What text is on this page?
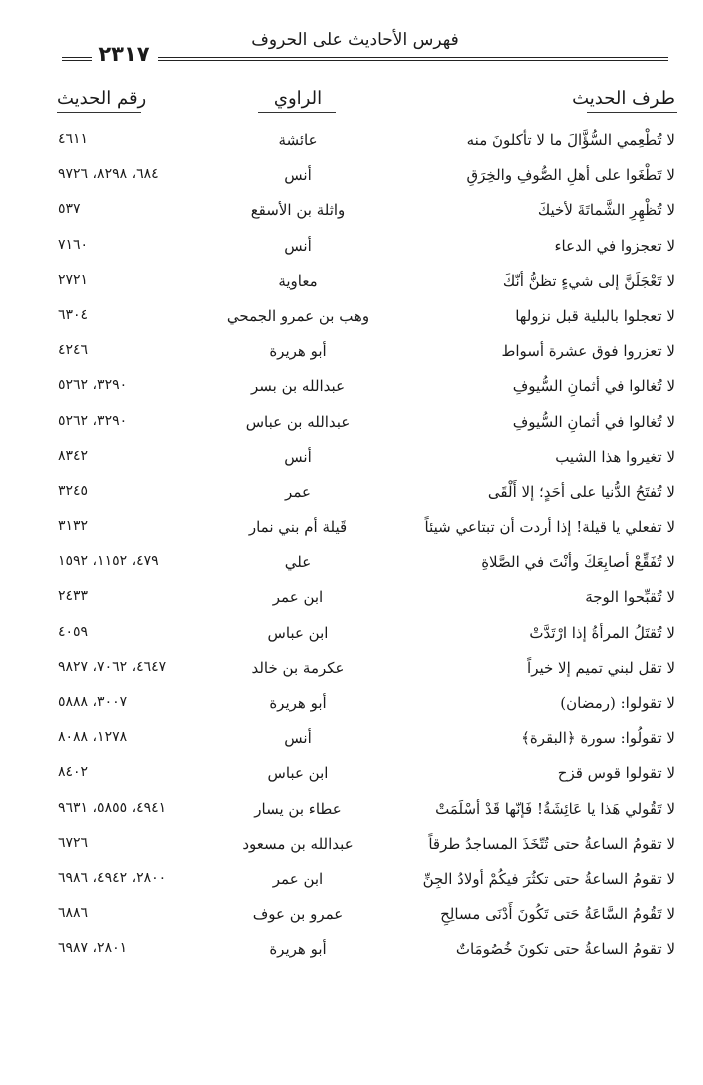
فهرس الأحاديث على الحروف
٢٣١٧
طرف الحديث
الراوي
رقم الحديث
لا تُطْعِمي السُّؤَّالَ ما لا تأكلونَ منه
عائشة
٤٦١١
لا تَطْغَوا على أهلِ الصُّوفِ والخِرَقِ
أنس
٦٨٤، ٨٢٩٨، ٩٧٢٦
لا تُظْهِرِ الشَّماتَةَ لأخيكَ
واثلة بن الأسقع
٥٣٧
لا تعجزوا في الدعاء
أنس
٧١٦٠
لا تَعْجَلَنَّ إلى شيءٍ تظنُّ أنّكَ
معاوية
٢٧٢١
لا تعجلوا بالبلية قبل نزولها
وهب بن عمرو الجمحي
٦٣٠٤
لا تعزروا فوق عشرة أسواط
أبو هريرة
٤٢٤٦
لا تُغالوا في أثمانِ السُّيوفِ
عبدالله بن بسر
٣٢٩٠، ٥٢٦٢
لا تُغالوا في أثمانِ السُّيوفِ
عبدالله بن عباس
٣٢٩٠، ٥٢٦٢
لا تغيروا هذا الشيب
أنس
٨٣٤٢
لا تُفتَحُ الدُّنيا على أحَدٍ؛ إلا أَلْقَى
عمر
٣٢٤٥
لا تفعلي يا قيلة! إذا أردت أن تبتاعي شيئاً
قَيلة أم بني نمار
٣١٣٢
لا تُفَقِّعْ أصابِعَكَ وأنْتَ في الصَّلاةِ
علي
٤٧٩، ١١٥٢، ١٥٩٢
لا تُقبِّحوا الوجهَ
ابن عمر
٢٤٣٣
لا تُقتَلُ المرأةُ إذا ارْتَدَّتْ
ابن عباس
٤٠٥٩
لا تقل لبني تميم إلا خيراً
عكرمة بن خالد
٤٦٤٧، ٧٠٦٢، ٩٨٢٧
لا تقولوا: (رمضان)
أبو هريرة
٣٠٠٧، ٥٨٨٨
لا تقولُوا: سورة ﴿البقرة﴾
أنس
١٢٧٨، ٨٠٨٨
لا تقولوا قوس قزح
ابن عباس
٨٤٠٢
لا تَقُولي هَذا يا عَائِشَةُ! فَإنّها قَدْ أسْلَمَتْ
عطاء بن يسار
٤٩٤١، ٥٨٥٥، ٩٦٣١
لا تقومُ الساعةُ حتى تُتّخَذَ المساجدُ طرقاً
عبدالله بن مسعود
٦٧٢٦
لا تقومُ الساعةُ حتى تكثُرَ فيكُمْ أولادُ الجِنِّ
ابن عمر
٢٨٠٠، ٤٩٤٢، ٦٩٨٦
لا تَقُومُ السَّاعَةُ حَتى تَكُونَ أَدْنَى مسالِحِ
عمرو بن عوف
٦٨٨٦
لا تقومُ الساعةُ حتى تكونَ خُصُومَاتٌ
أبو هريرة
٢٨٠١، ٦٩٨٧
